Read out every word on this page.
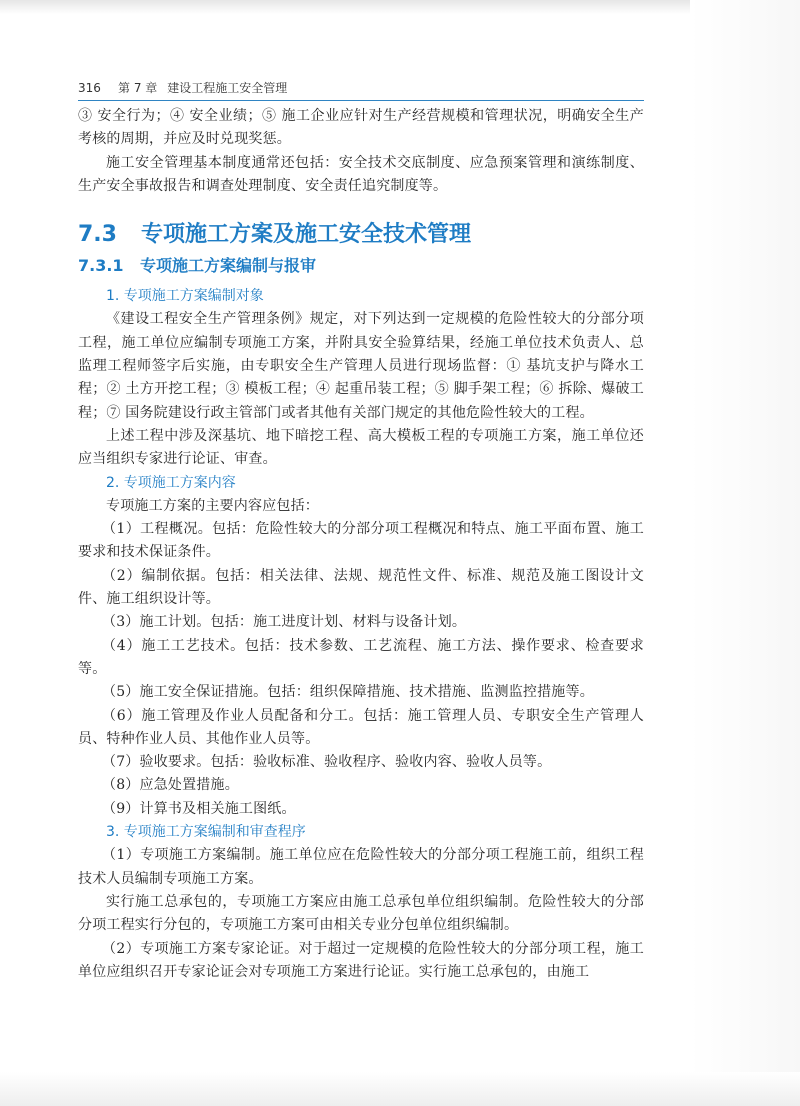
316 第 7 章 建设工程施工安全管理

③ 安全行为；④ 安全业绩；⑤ 施工企业应针对生产经营规模和管理状况，明确安全生产考核的周期，并应及时兑现奖惩。

施工安全管理基本制度通常还包括：安全技术交底制度、应急预案管理和演练制度、生产安全事故报告和调查处理制度、安全责任追究制度等。

7.3 专项施工方案及施工安全技术管理
7.3.1 专项施工方案编制与报审
1. 专项施工方案编制对象

《建设工程安全生产管理条例》规定，对下列达到一定规模的危险性较大的分部分项工程，施工单位应编制专项施工方案，并附具安全验算结果，经施工单位技术负责人、总监理工程师签字后实施，由专职安全生产管理人员进行现场监督：① 基坑支护与降水工程；② 土方开挖工程；③ 模板工程；④ 起重吊装工程；⑤ 脚手架工程；⑥ 拆除、爆破工程；⑦ 国务院建设行政主管部门或者其他有关部门规定的其他危险性较大的工程。

上述工程中涉及深基坑、地下暗挖工程、高大模板工程的专项施工方案，施工单位还应当组织专家进行论证、审查。

2. 专项施工方案内容

专项施工方案的主要内容应包括：

（1）工程概况。包括：危险性较大的分部分项工程概况和特点、施工平面布置、施工要求和技术保证条件。

（2）编制依据。包括：相关法律、法规、规范性文件、标准、规范及施工图设计文件、施工组织设计等。

（3）施工计划。包括：施工进度计划、材料与设备计划。

（4）施工工艺技术。包括：技术参数、工艺流程、施工方法、操作要求、检查要求等。

（5）施工安全保证措施。包括：组织保障措施、技术措施、监测监控措施等。

（6）施工管理及作业人员配备和分工。包括：施工管理人员、专职安全生产管理人员、特种作业人员、其他作业人员等。

（7）验收要求。包括：验收标准、验收程序、验收内容、验收人员等。

（8）应急处置措施。

（9）计算书及相关施工图纸。

3. 专项施工方案编制和审查程序

（1）专项施工方案编制。施工单位应在危险性较大的分部分项工程施工前，组织工程技术人员编制专项施工方案。

实行施工总承包的，专项施工方案应由施工总承包单位组织编制。危险性较大的分部分项工程实行分包的，专项施工方案可由相关专业分包单位组织编制。

（2）专项施工方案专家论证。对于超过一定规模的危险性较大的分部分项工程，施工单位应组织召开专家论证会对专项施工方案进行论证。实行施工总承包的，由施工
